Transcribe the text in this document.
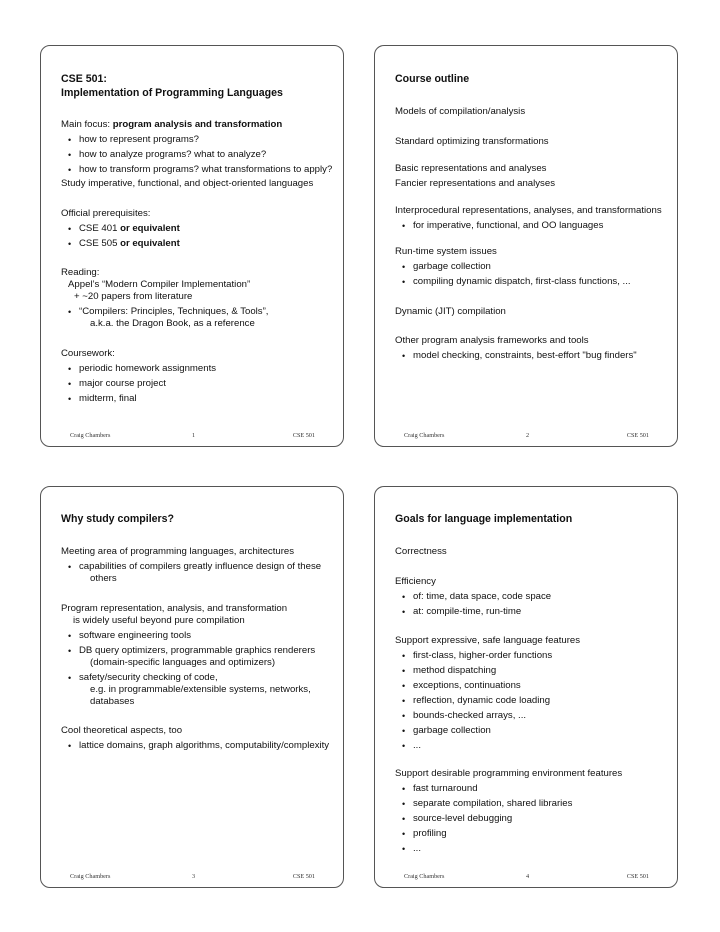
CSE 501:
Implementation of Programming Languages
Main focus: program analysis and transformation
• how to represent programs?
• how to analyze programs? what to analyze?
• how to transform programs? what transformations to apply?
Study imperative, functional, and object-oriented languages
Official prerequisites:
• CSE 401 or equivalent
• CSE 505 or equivalent
Reading:
Appel’s “Modern Compiler Implementation”
+ ~20 papers from literature
• “Compilers: Principles, Techniques, & Tools”,
a.k.a. the Dragon Book, as a reference
Coursework:
• periodic homework assignments
• major course project
• midterm, final
Craig Chambers	1	CSE 501
Course outline
Models of compilation/analysis
Standard optimizing transformations
Basic representations and analyses
Fancier representations and analyses
Interprocedural representations, analyses, and transformations
• for imperative, functional, and OO languages
Run-time system issues
• garbage collection
• compiling dynamic dispatch, first-class functions, ...
Dynamic (JIT) compilation
Other program analysis frameworks and tools
• model checking, constraints, best-effort "bug finders"
Craig Chambers	2	CSE 501
Why study compilers?
Meeting area of programming languages, architectures
• capabilities of compilers greatly influence design of these
others
Program representation, analysis, and transformation
is widely useful beyond pure compilation
• software engineering tools
• DB query optimizers, programmable graphics renderers
(domain-specific languages and optimizers)
• safety/security checking of code,
e.g. in programmable/extensible systems, networks,
databases
Cool theoretical aspects, too
• lattice domains, graph algorithms, computability/complexity
Craig Chambers	3	CSE 501
Goals for language implementation
Correctness
Efficiency
• of: time, data space, code space
• at: compile-time, run-time
Support expressive, safe language features
• first-class, higher-order functions
• method dispatching
• exceptions, continuations
• reflection, dynamic code loading
• bounds-checked arrays, ...
• garbage collection
• ...
Support desirable programming environment features
• fast turnaround
• separate compilation, shared libraries
• source-level debugging
• profiling
• ...
Craig Chambers	4	CSE 501
